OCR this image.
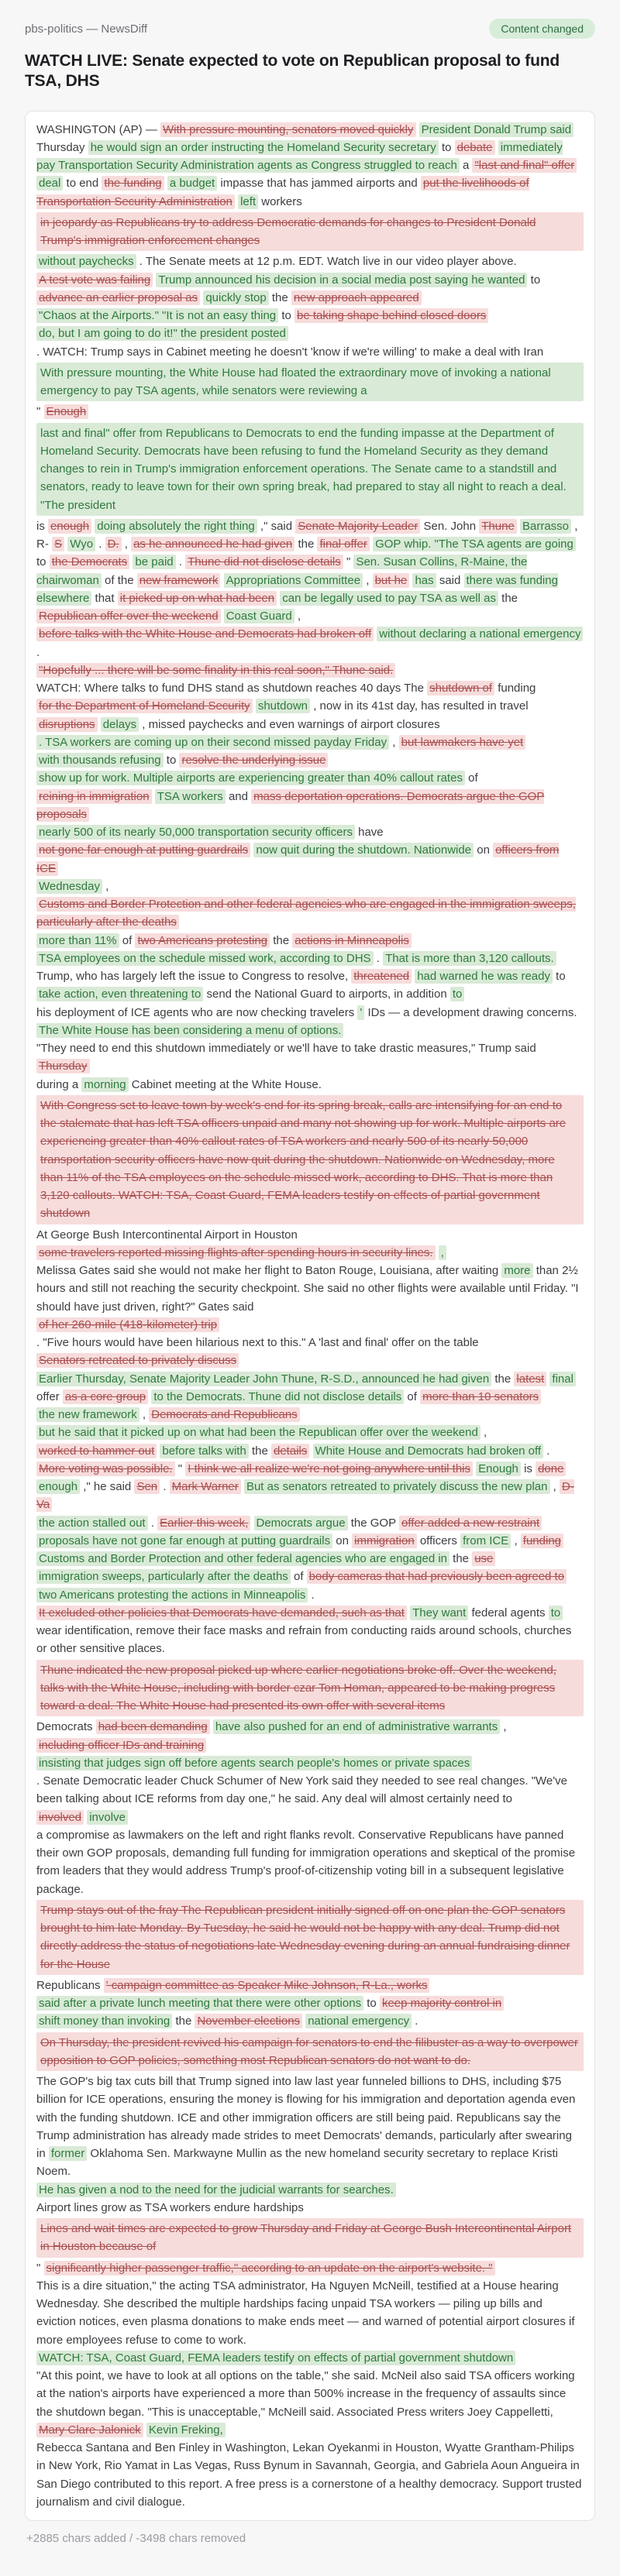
pbs-politics — NewsDiff	Content changed
WATCH LIVE: Senate expected to vote on Republican proposal to fund TSA, DHS
WASHINGTON (AP) — With pressure mounting, senators moved quickly President Donald Trump said Thursday he would sign an order instructing the Homeland Security secretary to debate immediately pay Transportation Security Administration agents as Congress struggled to reach a "last and final" offer deal to end the funding a budget impasse that has jammed airports and put the livelihoods of Transportation Security Administration left workers
in jeopardy as Republicans try to address Democratic demands for changes to President Donald Trump's immigration enforcement changes
without paychecks . The Senate meets at 12 p.m. EDT. Watch live in our video player above.
A test vote was failing Trump announced his decision in a social media post saying he wanted to advance an earlier proposal as quickly stop the new approach appeared
"Chaos at the Airports." "It is not an easy thing to be taking shape behind closed doors
do, but I am going to do it!" the president posted
. WATCH: Trump says in Cabinet meeting he doesn't 'know if we're willing' to make a deal with Iran
With pressure mounting, the White House had floated the extraordinary move of invoking a national emergency to pay TSA agents, while senators were reviewing a
" Enough
last and final" offer from Republicans to Democrats to end the funding impasse at the Department of Homeland Security. Democrats have been refusing to fund the Homeland Security as they demand changes to rein in Trump's immigration enforcement operations. The Senate came to a standstill and senators, ready to leave town for their own spring break, had prepared to stay all night to reach a deal. "The president
is enough doing absolutely the right thing ," said Senate Majority Leader Sen. John Thune Barrasso , R- S Wyo . D. , as he announced he had given the final offer GOP whip. "The TSA agents are going to the Democrats be paid . Thune did not disclose details " Sen. Susan Collins, R-Maine, the chairwoman of the new framework Appropriations Committee , but he has said there was funding elsewhere that it picked up on what had been can be legally used to pay TSA as well as the
Republican offer over the weekend Coast Guard ,
before talks with the White House and Democrats had broken off without declaring a national emergency .
"Hopefully ... there will be some finality in this real soon," Thune said.
WATCH: Where talks to fund DHS stand as shutdown reaches 40 days The shutdown of funding
for the Department of Homeland Security shutdown , now in its 41st day, has resulted in travel disruptions delays , missed paychecks and even warnings of airport closures
. TSA workers are coming up on their second missed payday Friday , but lawmakers have yet
with thousands refusing to resolve the underlying issue
show up for work. Multiple airports are experiencing greater than 40% callout rates of
reining in immigration TSA workers and mass deportation operations. Democrats argue the GOP proposals
nearly 500 of its nearly 50,000 transportation security officers have
not gone far enough at putting guardrails now quit during the shutdown. Nationwide on officers from ICE
Wednesday ,
Customs and Border Protection and other federal agencies who are engaged in the immigration sweeps, particularly after the deaths
more than 11% of two Americans protesting the actions in Minneapolis
TSA employees on the schedule missed work, according to DHS . That is more than 3,120 callouts.
Trump, who has largely left the issue to Congress to resolve, threatened had warned he was ready to take action, even threatening to send the National Guard to airports, in addition to
his deployment of ICE agents who are now checking travelers ' IDs — a development drawing concerns.
The White House has been considering a menu of options.
"They need to end this shutdown immediately or we'll have to take drastic measures," Trump said Thursday
during a morning Cabinet meeting at the White House.
With Congress set to leave town by week's end for its spring break, calls are intensifying for an end to the stalemate that has left TSA officers unpaid and many not showing up for work. Multiple airports are experiencing greater than 40% callout rates of TSA workers and nearly 500 of its nearly 50,000 transportation security officers have now quit during the shutdown. Nationwide on Wednesday, more than 11% of the TSA employees on the schedule missed work, according to DHS. That is more than 3,120 callouts. WATCH: TSA, Coast Guard, FEMA leaders testify on effects of partial government shutdown
At George Bush Intercontinental Airport in Houston
some travelers reported missing flights after spending hours in security lines. ,
Melissa Gates said she would not make her flight to Baton Rouge, Louisiana, after waiting more than 2½ hours and still not reaching the security checkpoint. She said no other flights were available until Friday. "I should have just driven, right?" Gates said
of her 260-mile (418-kilometer) trip
. "Five hours would have been hilarious next to this." A 'last and final' offer on the table
Senators retreated to privately discuss
Earlier Thursday, Senate Majority Leader John Thune, R-S.D., announced he had given the latest final offer as a core group to the Democrats. Thune did not disclose details of more than 10 senators
the new framework , Democrats and Republicans
but he said that it picked up on what had been the Republican offer over the weekend ,
worked to hammer out before talks with the details White House and Democrats had broken off .
More voting was possible. " I think we all realize we're not going anywhere until this Enough is done
enough ," he said Sen . Mark Warner But as senators retreated to privately discuss the new plan , D-Va
the action stalled out . Earlier this week, Democrats argue the GOP offer added a new restraint
proposals have not gone far enough at putting guardrails on immigration officers from ICE , funding
Customs and Border Protection and other federal agencies who are engaged in the use
immigration sweeps, particularly after the deaths of body cameras that had previously been agreed to
two Americans protesting the actions in Minneapolis .
It excluded other policies that Democrats have demanded, such as that They want federal agents to wear identification, remove their face masks and refrain from conducting raids around schools, churches or other sensitive places.
Thune indicated the new proposal picked up where earlier negotiations broke off. Over the weekend, talks with the White House, including with border czar Tom Homan, appeared to be making progress toward a deal. The White House had presented its own offer with several items
Democrats had been demanding have also pushed for an end of administrative warrants ,
including officer IDs and training
insisting that judges sign off before agents search people's homes or private spaces
. Senate Democratic leader Chuck Schumer of New York said they needed to see real changes. "We've been talking about ICE reforms from day one," he said. Any deal will almost certainly need to
involved involve
a compromise as lawmakers on the left and right flanks revolt. Conservative Republicans have panned their own GOP proposals, demanding full funding for immigration operations and skeptical of the promise from leaders that they would address Trump's proof-of-citizenship voting bill in a subsequent legislative package.
Trump stays out of the fray The Republican president initially signed off on one plan the GOP senators brought to him late Monday. By Tuesday, he said he would not be happy with any deal. Trump did not directly address the status of negotiations late Wednesday evening during an annual fundraising dinner for the House
Republicans ' campaign committee as Speaker Mike Johnson, R-La., works
said after a private lunch meeting that there were other options to keep majority control in
shift money than invoking the November elections national emergency .
On Thursday, the president revived his campaign for senators to end the filibuster as a way to overpower opposition to GOP policies, something most Republican senators do not want to do.
The GOP's big tax cuts bill that Trump signed into law last year funneled billions to DHS, including $75 billion for ICE operations, ensuring the money is flowing for his immigration and deportation agenda even with the funding shutdown. ICE and other immigration officers are still being paid. Republicans say the Trump administration has already made strides to meet Democrats' demands, particularly after swearing in former Oklahoma Sen. Markwayne Mullin as the new homeland security secretary to replace Kristi Noem.
He has given a nod to the need for the judicial warrants for searches.
Airport lines grow as TSA workers endure hardships
Lines and wait times are expected to grow Thursday and Friday at George Bush Intercontinental Airport in Houston because of
" significantly higher passenger traffic," according to an update on the airport's website. "
This is a dire situation," the acting TSA administrator, Ha Nguyen McNeill, testified at a House hearing Wednesday. She described the multiple hardships facing unpaid TSA workers — piling up bills and eviction notices, even plasma donations to make ends meet — and warned of potential airport closures if more employees refuse to come to work.
WATCH: TSA, Coast Guard, FEMA leaders testify on effects of partial government shutdown
"At this point, we have to look at all options on the table," she said. McNeil also said TSA officers working at the nation's airports have experienced a more than 500% increase in the frequency of assaults since the shutdown began. "This is unacceptable," McNeill said. Associated Press writers Joey Cappelletti,
Mary Clare Jalonick Kevin Freking,
Rebecca Santana and Ben Finley in Washington, Lekan Oyekanmi in Houston, Wyatte Grantham-Philips in New York, Rio Yamat in Las Vegas, Russ Bynum in Savannah, Georgia, and Gabriela Aoun Angueira in San Diego contributed to this report. A free press is a cornerstone of a healthy democracy. Support trusted journalism and civil dialogue.
+2885 chars added / -3498 chars removed
